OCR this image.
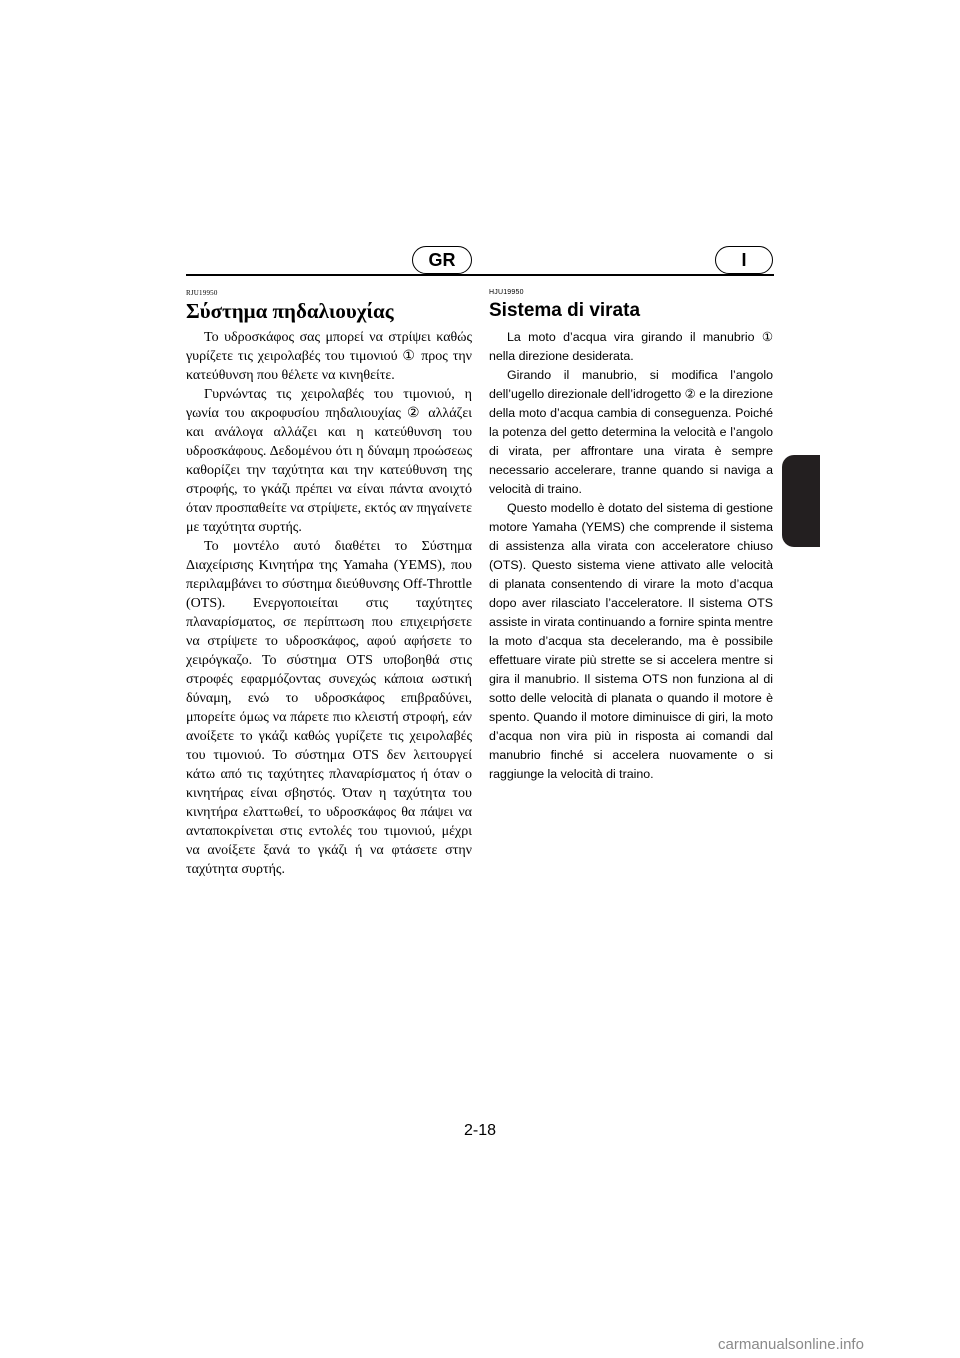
GR	I
RJU19950
Σύστημα πηδαλιουχίας

Το υδροσκάφος σας μπορεί να στρίψει καθώς γυρίζετε τις χειρολαβές του τιμονιού ① προς την κατεύθυνση που θέλετε να κινηθείτε.

Γυρνώντας τις χειρολαβές του τιμονιού, η γωνία του ακροφυσίου πηδαλιουχίας ② αλλάζει και ανάλογα αλλάζει και η κατεύθυνση του υδροσκάφους. Δεδομένου ότι η δύναμη προώσεως καθορίζει την ταχύτητα και την κατεύθυνση της στροφής, το γκάζι πρέπει να είναι πάντα ανοιχτό όταν προσπαθείτε να στρίψετε, εκτός αν πηγαίνετε με ταχύτητα συρτής.

Το μοντέλο αυτό διαθέτει το Σύστημα Διαχείρισης Κινητήρα της Yamaha (YEMS), που περιλαμβάνει το σύστημα διεύθυνσης Off-Throttle (OTS). Ενεργοποιείται στις ταχύτητες πλαναρίσματος, σε περίπτωση που επιχειρήσετε να στρίψετε το υδροσκάφος, αφού αφήσετε το χειρόγκαζο. Το σύστημα OTS υποβοηθά στις στροφές εφαρμόζοντας συνεχώς κάποια ωστική δύναμη, ενώ το υδροσκάφος επιβραδύνει, μπορείτε όμως να πάρετε πιο κλειστή στροφή, εάν ανοίξετε το γκάζι καθώς γυρίζετε τις χειρολαβές του τιμονιού. Το σύστημα OTS δεν λειτουργεί κάτω από τις ταχύτητες πλαναρίσματος ή όταν ο κινητήρας είναι σβηστός. Όταν η ταχύτητα του κινητήρα ελαττωθεί, το υδροσκάφος θα πάψει να ανταποκρίνεται στις εντολές του τιμονιού, μέχρι να ανοίξετε ξανά το γκάζι ή να φτάσετε στην ταχύτητα συρτής.

HJU19950
Sistema di virata

La moto d’acqua vira girando il manubrio ① nella direzione desiderata.

Girando il manubrio, si modifica l’angolo dell’ugello direzionale dell’idrogetto ② e la direzione della moto d’acqua cambia di conseguenza. Poiché la potenza del getto determina la velocità e l’angolo di virata, per affrontare una virata è sempre necessario accelerare, tranne quando si naviga a velocità di traino.

Questo modello è dotato del sistema di gestione motore Yamaha (YEMS) che comprende il sistema di assistenza alla virata con acceleratore chiuso (OTS). Questo sistema viene attivato alle velocità di planata consentendo di virare la moto d’acqua dopo aver rilasciato l’acceleratore. Il sistema OTS assiste in virata continuando a fornire spinta mentre la moto d’acqua sta decelerando, ma è possibile effettuare virate più strette se si accelera mentre si gira il manubrio. Il sistema OTS non funziona al di sotto delle velocità di planata o quando il motore è spento. Quando il motore diminuisce di giri, la moto d’acqua non vira più in risposta ai comandi dal manubrio finché si accelera nuovamente o si raggiunge la velocità di traino.

2-18
carmanualsonline.info
